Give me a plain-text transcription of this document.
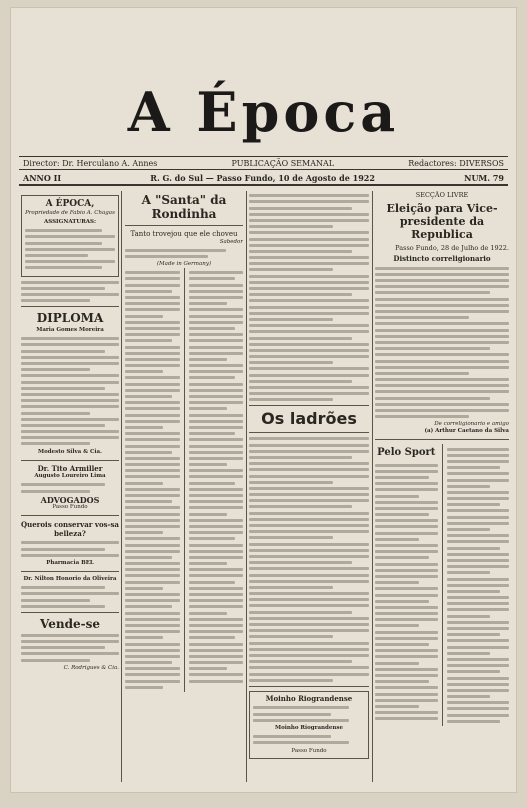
A Época
Director: Dr. Herculano A. Annes	PUBLICAÇÃO SEMANAL	Redactores: DIVERSOS
ANNO II	R. G. do Sul — Passo Fundo, 10 de Agosto de 1922	NUM. 79
A ÉPOCA,
Propriedade de Fabio A. Chagas
ASSIGNATURAS:
DIPLOMA
Maria Gomes Moreira
Modesto Silva & Cia.
Dr. Tito Armiller
Augusto Loureiro Lima
ADVOGADOS
Passo Fundo
Querois conservar vos-sa belleza?
Pharmacia BEL
Dr. Nilton Honorio da Oliveira
Vende-se
C. Rodrigues & Cia.
A "Santa" da Rondinha
Tanto trovejou que ele choveu
Sabedor
(Made in Germany)
Os ladrões
Moinho Riograndense
Moinho Riograndense
Passo Fundo
SECÇÃO LIVRE
Eleição para Vice-presidente da Republica
Passo Fundo, 28 de Julho de 1922.
Distincto correligionario
De correligionario e amigo
(a) Arthur Caetano da Silva
Pelo Sport
